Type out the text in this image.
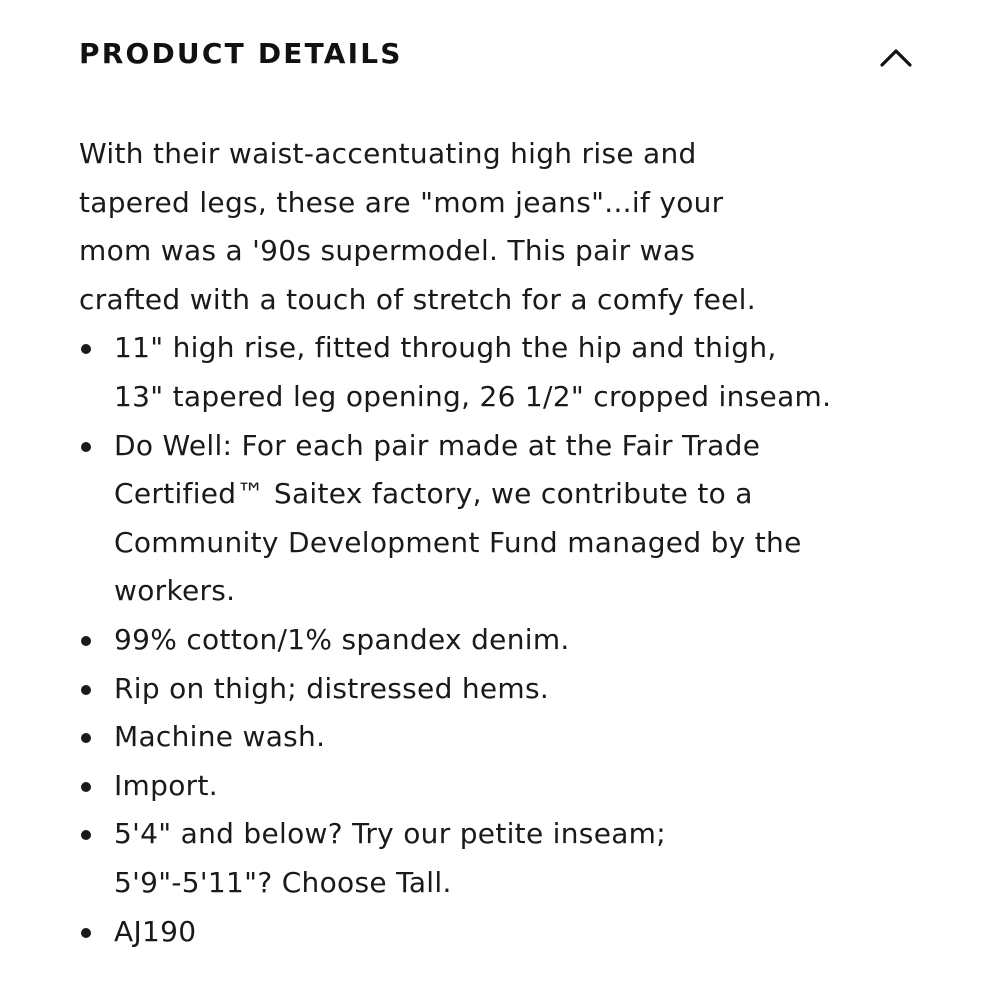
PRODUCT DETAILS

With their waist-accentuating high rise and
tapered legs, these are "mom jeans"...if your
mom was a '90s supermodel. This pair was
crafted with a touch of stretch for a comfy feel.

11" high rise, fitted through the hip and thigh,
13" tapered leg opening, 26 1/2" cropped inseam.
Do Well: For each pair made at the Fair Trade
Certified™ Saitex factory, we contribute to a
Community Development Fund managed by the
workers.
99% cotton/1% spandex denim.
Rip on thigh; distressed hems.
Machine wash.
Import.
5'4" and below? Try our petite inseam;
5'9"-5'11"? Choose Tall.
AJ190
